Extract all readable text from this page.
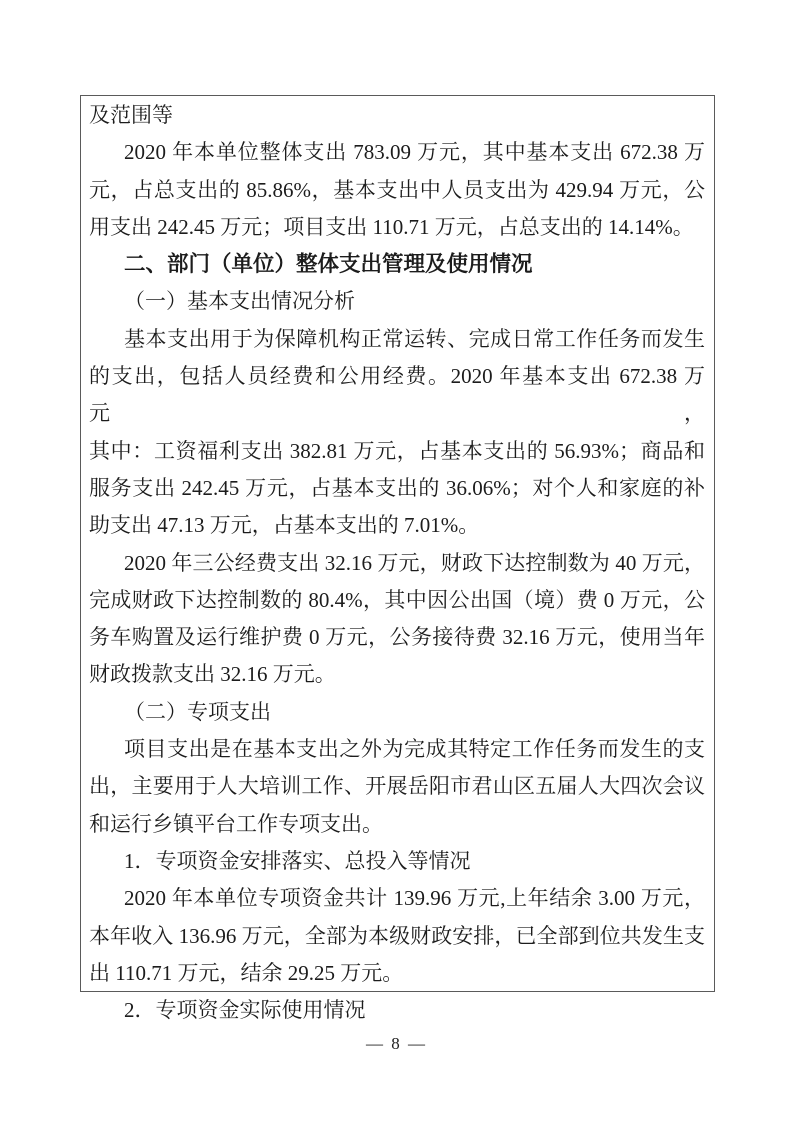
及范围等
2020 年本单位整体支出 783.09 万元，其中基本支出 672.38 万
元，占总支出的 85.86%，基本支出中人员支出为 429.94 万元，公
用支出 242.45 万元；项目支出 110.71 万元，占总支出的 14.14%。
二、部门（单位）整体支出管理及使用情况
（一）基本支出情况分析
基本支出用于为保障机构正常运转、完成日常工作任务而发生
的支出，包括人员经费和公用经费。2020 年基本支出 672.38 万元，
其中：工资福利支出 382.81 万元，占基本支出的 56.93%；商品和
服务支出 242.45 万元，占基本支出的 36.06%；对个人和家庭的补
助支出 47.13 万元，占基本支出的 7.01%。
2020 年三公经费支出 32.16 万元，财政下达控制数为 40 万元，
完成财政下达控制数的 80.4%，其中因公出国（境）费 0 万元，公
务车购置及运行维护费 0 万元，公务接待费 32.16 万元，使用当年
财政拨款支出 32.16 万元。
（二）专项支出
项目支出是在基本支出之外为完成其特定工作任务而发生的支
出，主要用于人大培训工作、开展岳阳市君山区五届人大四次会议
和运行乡镇平台工作专项支出。
1．专项资金安排落实、总投入等情况
2020 年本单位专项资金共计 139.96 万元,上年结余 3.00 万元，
本年收入 136.96 万元，全部为本级财政安排，已全部到位共发生支
出 110.71 万元，结余 29.25 万元。
2．专项资金实际使用情况
— 8 —
